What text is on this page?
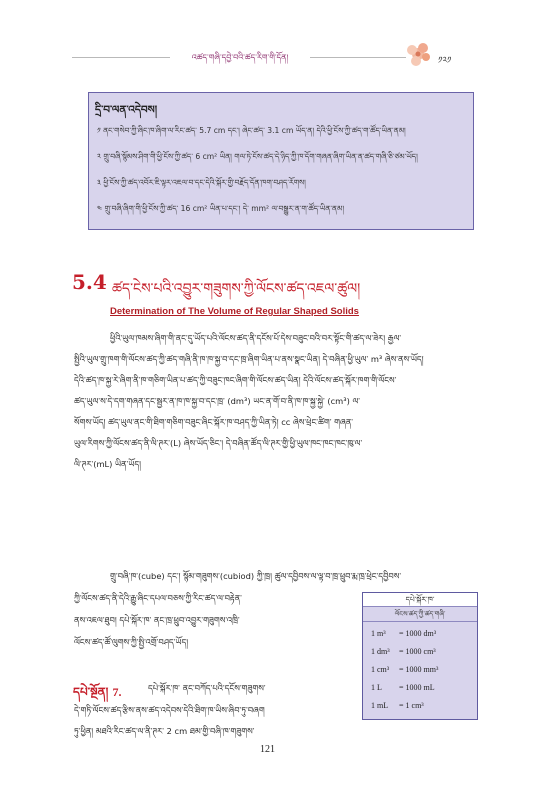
འཚད་གཞི་དབྱེ་བའི་ཚད་རིག་གི་དོན།	༡༢༡
དྲི་བ་ལན་འདེབས།
༡ ནང་གསེབ་ཀྱི་ཞིང་ཁ་ཞིག་ལ་རིང་ཚད་ 5.7 cm དང་། ཞེང་ཚད་ 3.1 cm ཡོད་ན། དེའི་ཕྱི་ངོས་ཀྱི་ཚད་ག་ཚོད་ཡིན་ནམ།
༢ གྲུ་བཞི་སྙོམས་ཤིག་གི་ཕྱི་ངོས་ཀྱི་ཚད་ 6 cm² ཡིན། གལ་ཏེ་ངོས་ཚད་དེ་ཉིད་ཀྱི་ཁ་དོག་གཞན་ཞིག་ཡིན་ན་ཚད་གཞི་ཅི་ཙམ་ཡོད།
༣ ཕྱི་ངོས་ཀྱི་ཚད་འབོར་ཇི་ལྟར་འཇལ་བ་དང་དེའི་སྐོར་གྱི་བརྗོད་དོན་ཁག་བཤད་རོགས།
༤ གྲུ་བཞི་ཞིག་གི་ཕྱི་ངོས་ཀྱི་ཚད་ 16 cm² ཡིན་པ་དང་། དེ་ mm² ལ་བསྒྱུར་ན་ག་ཚོད་ཡིན་ནམ།
5.4 ཚད་ངེས་པའི་འབྱུར་གཟུགས་ཀྱི་ལོངས་ཚད་འཇལ་ཚུལ།
Determination of The Volume of Regular Shaped Solids
ཕྱིའི་ཡུལ་ཁམས་ཞིག་གི་ནང་དུ་ཡོད་པའི་ལོངས་ཚད་ནི་དངོས་པོ་དེས་བཟུང་བའི་བར་སྟོང་གི་ཚད་ལ་ཟེར། རྒྱལ་
སྤྱིའི་ཡུལ་གྲུ་ཁག་གི་ལོངས་ཚད་ཀྱི་ཚད་གཞི་ནི་ཁ་ཁ་སྐྱ་བ་དང་ཁྲ་ཞིག་ཡིན་པ་ནས་སྣང་ཡིན། དེ་བཞིན་ཕྱི་ཡུལ་ m³ ཞེས་ནས་ཡོད།
དེའི་ཚད་ཁ་སྐྱ་རེ་ཞིག་ནི་ཁ་གཅིག་ཡིན་པ་ཚད་ཀྱི་བཟུང་ཁང་ཞིག་གི་ལོངས་ཚད་ཡིན། དེའི་ལོངས་ཚད་སྐོར་ཁག་གི་ལོངས་
ཚད་ཡུལ་ས་དེ་དག་གཞན་དང་སྦྱར་ན་ཁ་ཁ་སྐྱ་བ་དང་ཁྲ་ (dm³) ཡང་ན་གོ་བ་ནི་ཁ་ཁ་སྐྱ་སྐྱེ་ (cm³) ལ་
སོགས་ཡོད། ཚད་ཡུལ་ནང་གི་ཐིག་གཅིག་བཟུང་ཞིང་སྐོར་ཁ་བཤད་ཀྱི་ཡིན་ཏེ། cc ཞེས་ཕྲེང་ཚིག་ གཞན་
ཡུལ་རིགས་ཀྱི་ལོངས་ཚད་ནི་ལི་ཊར་(L) ཞེས་ཡོད་ཅིང་། དེ་བཞིན་ཚོད་ལི་ཊར་གྱི་ཕྱི་ཡུལ་ཁང་ཁང་ཁང་ཁུ་ལ་
ལི་ཊར་(mL) ཡིན་ཡོད།
གྲུ་བཞི་ཁ་(cube) དང་། སྙོམ་གཟུགས་(cubiod) ཀྱི་ཁྲ། ཚུལ་དབྱིབས་ལ་ལྟ་བ་ཁྲ་ཕྲུབ་རྨ་ཁྲ་ཕྲེང་དབྱིབས་
ཀྱི་ལོངས་ཚད་ནི་དེའི་རྒྱུ་ཞིང་དཔལ་བཅས་ཀྱི་རིང་ཚད་ལ་བརྟེན་
ནས་འཇལ་ཐུབ། དཔེ་སྐོར་ཁ་ ནང་ཁྲ་ཕྲུབ་འབྱུར་གཟུགས་འཁྲི་
ལོངས་ཚད་ཚོ་ལུགས་ཀྱི་སྤྱི་འགྲོ་བཤད་ཡོད།
དཔེ་སྔོན། 7.	དཔེ་སྐོར་ཁ་ ནང་བཀོད་པའི་དངོས་གཟུགས་
དེ་གཏི་ལོངས་ཚད་རྩིས་ནས་ཚད་འདེབས་དེའི་ཐིག་ཁ་ཡིས་ཞིབ་ཏུ་བཞག
ཏུ་ཕྱིན། མཐའི་རིང་ཚད་ལ་ནི་ཊར་ 2 cm ཐམ་གྱི་བཞི་ཁ་གཟུགས་
དཔེ་སྐོར་ཁ་
ལོངས་ཚད་ཀྱི་ཚད་གཞི་
1 m³ = 1000 dm³
1 dm³ = 1000 cm³
1 cm³ = 1000 mm³
1 L = 1000 mL
1 mL = 1 cm³
121
